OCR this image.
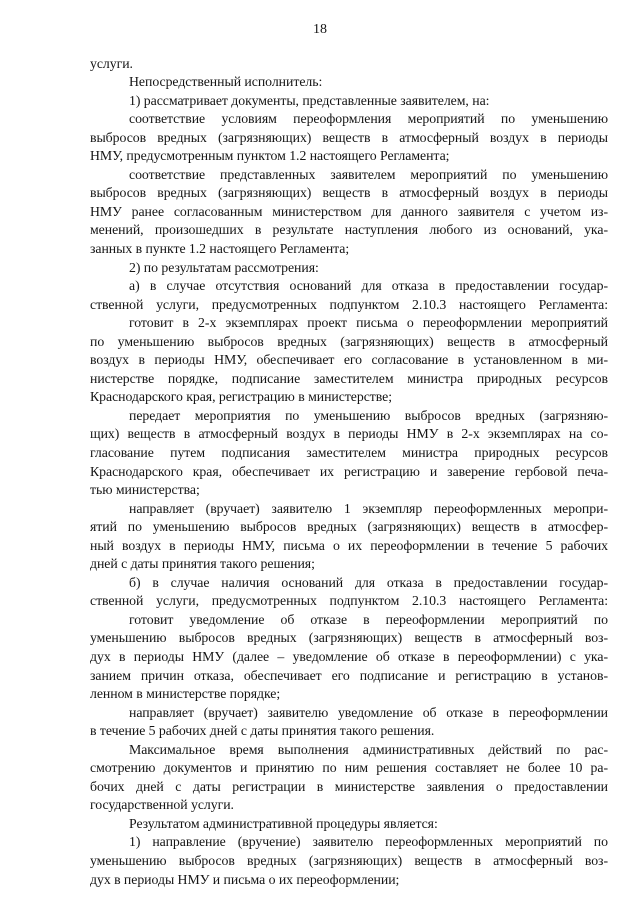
18
услуги.
Непосредственный исполнитель:
1) рассматривает документы, представленные заявителем, на:
соответствие условиям переоформления мероприятий по уменьшению
выбросов вредных (загрязняющих) веществ в атмосферный воздух в периоды
НМУ, предусмотренным пунктом 1.2 настоящего Регламента;
соответствие представленных заявителем мероприятий по уменьшению
выбросов вредных (загрязняющих) веществ в атмосферный воздух в периоды
НМУ ранее согласованным министерством для данного заявителя с учетом из-
менений, произошедших в результате наступления любого из оснований, ука-
занных в пункте 1.2 настоящего Регламента;
2) по результатам рассмотрения:
а) в случае отсутствия оснований для отказа в предоставлении государ-
ственной услуги, предусмотренных подпунктом 2.10.3 настоящего Регламента:
готовит в 2-х экземплярах проект письма о переоформлении мероприятий
по уменьшению выбросов вредных (загрязняющих) веществ в атмосферный
воздух в периоды НМУ, обеспечивает его согласование в установленном в ми-
нистерстве порядке, подписание заместителем министра природных ресурсов
Краснодарского края, регистрацию в министерстве;
передает мероприятия по уменьшению выбросов вредных (загрязняю-
щих) веществ в атмосферный воздух в периоды НМУ в 2-х экземплярах на со-
гласование путем подписания заместителем министра природных ресурсов
Краснодарского края, обеспечивает их регистрацию и заверение гербовой печа-
тью министерства;
направляет (вручает) заявителю 1 экземпляр переоформленных меропри-
ятий по уменьшению выбросов вредных (загрязняющих) веществ в атмосфер-
ный воздух в периоды НМУ, письма о их переоформлении в течение 5 рабочих
дней с даты принятия такого решения;
б) в случае наличия оснований для отказа в предоставлении государ-
ственной услуги, предусмотренных подпунктом 2.10.3 настоящего Регламента:
готовит уведомление об отказе в переоформлении мероприятий по
уменьшению выбросов вредных (загрязняющих) веществ в атмосферный воз-
дух в периоды НМУ (далее – уведомление об отказе в переоформлении) с ука-
занием причин отказа, обеспечивает его подписание и регистрацию в установ-
ленном в министерстве порядке;
направляет (вручает) заявителю уведомление об отказе в переоформлении
в течение 5 рабочих дней с даты принятия такого решения.
Максимальное время выполнения административных действий по рас-
смотрению документов и принятию по ним решения составляет не более 10 ра-
бочих дней с даты регистрации в министерстве заявления о предоставлении
государственной услуги.
Результатом административной процедуры является:
1) направление (вручение) заявителю переоформленных мероприятий по
уменьшению выбросов вредных (загрязняющих) веществ в атмосферный воз-
дух в периоды НМУ и письма о их переоформлении;
